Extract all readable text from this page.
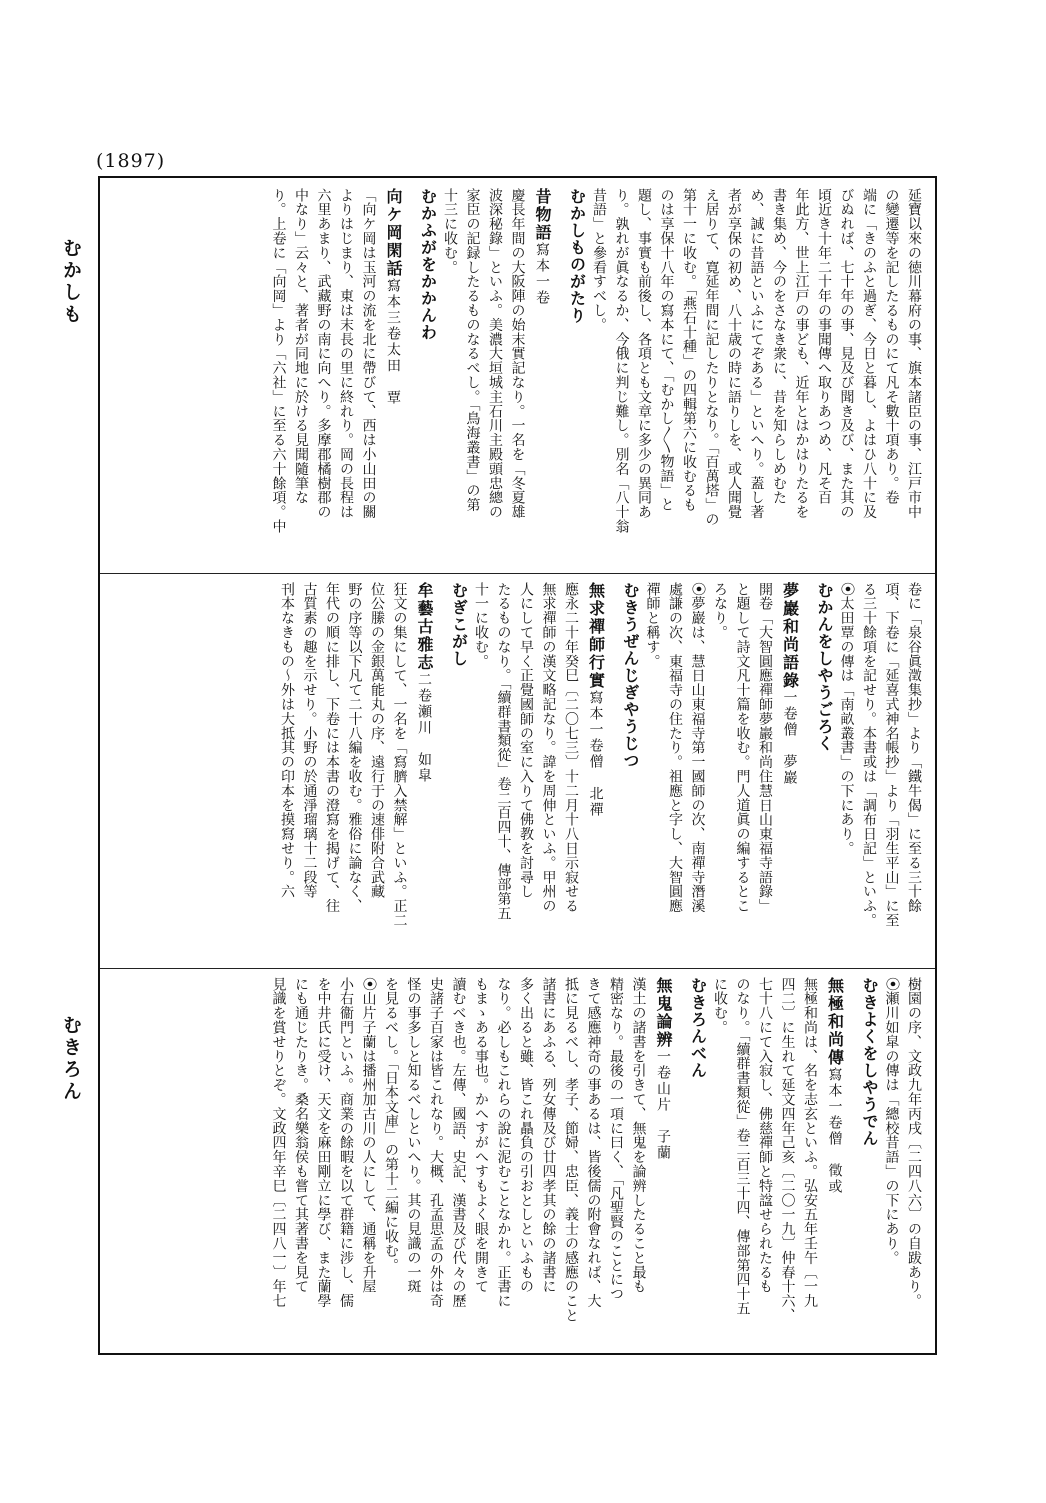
(1897)
むかしも
むきろん
延寶以來の徳川幕府の事、旗本諸臣の事、江戸市中
の變遷等を記したるものにて凡そ數十項あり。卷
端に「きのふと過ぎ、今日と暮し、よはひ八十に及
びぬれば、七十年の事、見及び聞き及び、また其の
頃近き十年二十年の事聞傳へ取りあつめ、凡そ百
年此方、世上江戸の事ども、近年とはかはりたるを
書き集め、今のをさなき衆に、昔を知らしめむた
め、誠に昔語といふにてぞある」といへり。蓋し著
者が享保の初め、八十歳の時に語りしを、或人聞覺
え居りて、寛延年間に記したりとなり。「百萬塔」の
第十一に收む。「燕石十種」の四輯第六に收むるも
のは享保十八年の寫本にて、「むかし〳〵物語」と
題し、事實も前後し、各項とも文章に多少の異同あ
り。孰れが眞なるか、今俄に判じ難し。別名「八十翁
昔語」と參看すべし。
むかしものがたり
昔物語寫本一卷
慶長年間の大阪陣の始末實記なり。一名を「冬夏雄
波深秘錄」といふ。美濃大垣城主石川主殿頭忠總の
家臣の記録したるものなるべし。「鳥海叢書」の第
十三に收む。
むかふがをかかんわ
向ケ岡閑話寫本三卷太田　覃
「向ケ岡は玉河の流を北に帶びて、西は小山田の關
よりはじまり、東は末長の里に終れり。岡の長程は
六里あまり、武藏野の南に向へり。多摩郡橘樹郡の
中なり」云々と、著者が同地に於ける見聞隨筆な
り。上卷に「向岡」より「六社」に至る六十餘項。中
卷に「泉谷眞澂集抄」より「鐵牛偈」に至る三十餘
項、下卷に「延喜式神名帳抄」より「羽生平山」に至
る三十餘項を記せり。本書或は「調布日記」といふ。
⦿太田覃の傳は「南畝叢書」の下にあり。
むかんをしやうごろく
夢巖和尚語錄一卷僧　夢巖
開卷「大智圓應禪師夢巖和尚住慧日山東福寺語錄」
と題して詩文凡十篇を收む。門人道眞の編するとこ
ろなり。
⦿夢巖は、慧日山東福寺第一國師の次、南禪寺潛溪
處謙の次、東福寺の住たり。祖應と字し、大智圓應
禪師と稱す。
むきうぜんじぎやうじつ
無求禪師行實寫本一卷僧　北禪
應永二十年癸巳〔二〇七三〕十二月十八日示寂せる
無求禪師の漢文略記なり。諱を周伸といふ。甲州の
人にして早く正覺國師の室に入りて佛教を討尋し
たるものなり。「續群書類從」卷二百四十、傳部第五
十一に收む。
むぎこがし
牟藝古雅志二卷瀬川　如皐
狂文の集にして、一名を「寫臍入禁解」といふ。正二
位公縢の金銀萬能丸の序、遠行于の速俳附合武藏
野の序等以下凡て二十八編を收む。雅俗に論なく、
年代の順に排し、下卷には本書の澄寫を揭げて、往
古質素の趣を示せり。小野の於通淨瑠璃十二段等
刊本なきもの〜外は大抵其の印本を摸寫せり。六
樹園の序、文政九年丙戌〔二四八六〕の自跋あり。
⦿瀬川如皐の傳は「總校昔語」の下にあり。
むきよくをしやうでん
無極和尚傳寫本一卷僧　徵或
無極和尚は、名を志玄といふ。弘安五年壬午〔一九
四二〕に生れて延文四年己亥〔二〇一九〕仲春十六、
七十八にて入寂し、佛慈禪師と特諡せられたるも
のなり。「續群書類從」卷二百三十四、傳部第四十五
に收む。
むきろんべん
無鬼論辨一卷山片　子蘭
漢土の諸書を引きて、無鬼を論辨したること最も
精密なり。最後の一項に曰く、「凡聖賢のことにつ
きて感應神奇の事あるは、皆後儒の附會なれば、大
抵に見るべし、孝子、節婦、忠臣、義士の感應のこと
諸書にあふる、列女傳及び廿四孝其の餘の諸書に
多く出ると雖、皆これ贔負の引おとしといふもの
なり。必しもこれらの說に泥むことなかれ。正書に
もまゝある事也。かへすがへすもよく眼を開きて
讀むべき也。左傳、國語、史記、漢書及び代々の歷
史諸子百家は皆これなり。大概、孔孟思孟の外は奇
怪の事多しと知るべしといへり。其の見識の一斑
を見るべし。「日本文庫」の第十二編に收む。
⦿山片子蘭は播州加古川の人にして、通稱を升屋
小右衞門といふ。商業の餘暇を以て群籍に涉し、儒
を中井氏に受け、天文を麻田剛立に學び、また蘭學
にも通じたりき。桑名樂翁侯も嘗て其著書を見て
見識を賞せりとぞ。文政四年辛巳〔二四八一〕年七
